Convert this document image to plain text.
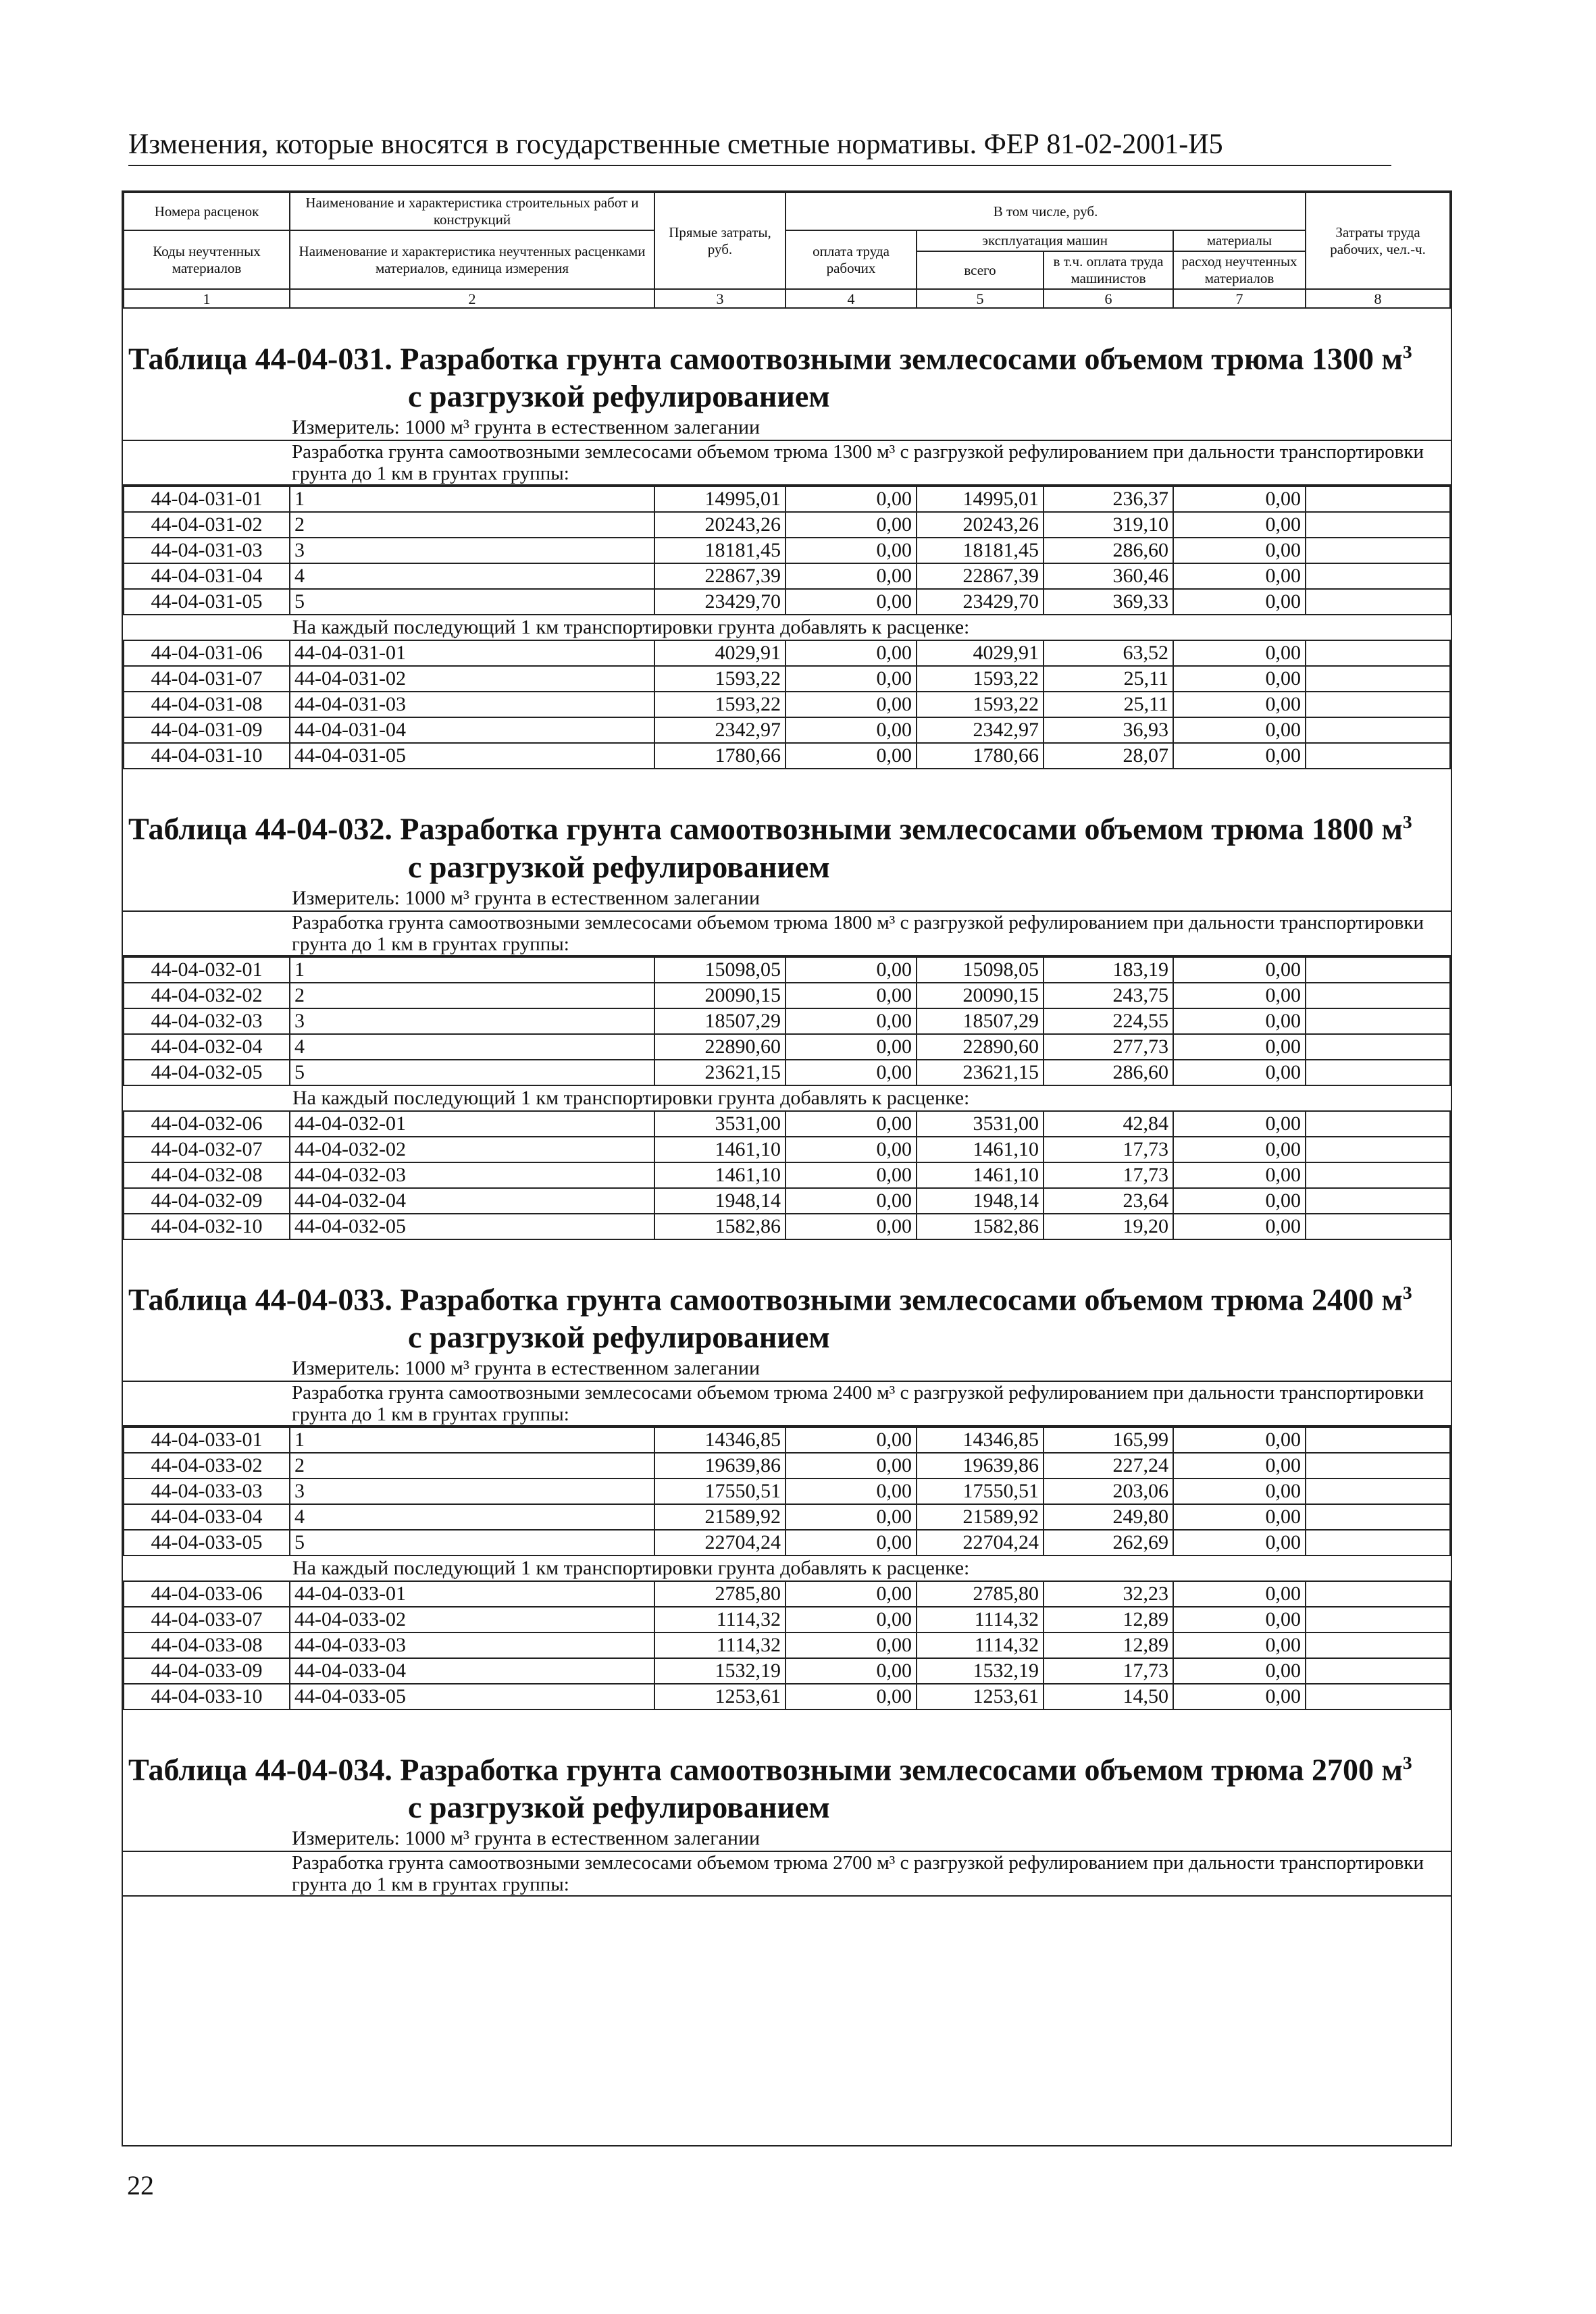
Изменения, которые вносятся в государственные сметные нормативы. ФЕР 81-02-2001-И5
Номера расценок	Наименование и характеристика строительных работ и конструкций	Прямые затраты, руб.	В том числе, руб.				Затраты труда рабочих, чел.-ч.
Коды неучтенных материалов	Наименование и характеристика неучтенных расценками материалов, единица измерения		оплата труда рабочих	эксплуатация машин		материалы	
				всего	в т.ч. оплата труда машинистов	расход неучтенных материалов	
1	2	3	4	5	6	7	8
Таблица 44-04-031. Разработка грунта самоотвозными землесосами объемом трюма 1300 $м^3$
с разгрузкой рефулированием
Измеритель: 1000 м³ грунта в естественном залегании
Разработка грунта самоотвозными землесосами объемом трюма 1300 м³ с разгрузкой рефулированием при дальности транспортировки грунта до 1 км в грунтах группы:
44-04-031-01	1	14995,01	0,00	14995,01	236,37	0,00	
44-04-031-02	2	20243,26	0,00	20243,26	319,10	0,00	
44-04-031-03	3	18181,45	0,00	18181,45	286,60	0,00	
44-04-031-04	4	22867,39	0,00	22867,39	360,46	0,00	
44-04-031-05	5	23429,70	0,00	23429,70	369,33	0,00	
На каждый последующий 1 км транспортировки грунта добавлять к расценке:							
44-04-031-06	44-04-031-01	4029,91	0,00	4029,91	63,52	0,00	
44-04-031-07	44-04-031-02	1593,22	0,00	1593,22	25,11	0,00	
44-04-031-08	44-04-031-03	1593,22	0,00	1593,22	25,11	0,00	
44-04-031-09	44-04-031-04	2342,97	0,00	2342,97	36,93	0,00	
44-04-031-10	44-04-031-05	1780,66	0,00	1780,66	28,07	0,00	
Таблица 44-04-032. Разработка грунта самоотвозными землесосами объемом трюма 1800 $м^3$
с разгрузкой рефулированием
Измеритель: 1000 м³ грунта в естественном залегании
Разработка грунта самоотвозными землесосами объемом трюма 1800 м³ с разгрузкой рефулированием при дальности транспортировки грунта до 1 км в грунтах группы:
44-04-032-01	1	15098,05	0,00	15098,05	183,19	0,00	
44-04-032-02	2	20090,15	0,00	20090,15	243,75	0,00	
44-04-032-03	3	18507,29	0,00	18507,29	224,55	0,00	
44-04-032-04	4	22890,60	0,00	22890,60	277,73	0,00	
44-04-032-05	5	23621,15	0,00	23621,15	286,60	0,00	
На каждый последующий 1 км транспортировки грунта добавлять к расценке:							
44-04-032-06	44-04-032-01	3531,00	0,00	3531,00	42,84	0,00	
44-04-032-07	44-04-032-02	1461,10	0,00	1461,10	17,73	0,00	
44-04-032-08	44-04-032-03	1461,10	0,00	1461,10	17,73	0,00	
44-04-032-09	44-04-032-04	1948,14	0,00	1948,14	23,64	0,00	
44-04-032-10	44-04-032-05	1582,86	0,00	1582,86	19,20	0,00	
Таблица 44-04-033. Разработка грунта самоотвозными землесосами объемом трюма 2400 $м^3$
с разгрузкой рефулированием
Измеритель: 1000 м³ грунта в естественном залегании
Разработка грунта самоотвозными землесосами объемом трюма 2400 м³ с разгрузкой рефулированием при дальности транспортировки грунта до 1 км в грунтах группы:
44-04-033-01	1	14346,85	0,00	14346,85	165,99	0,00	
44-04-033-02	2	19639,86	0,00	19639,86	227,24	0,00	
44-04-033-03	3	17550,51	0,00	17550,51	203,06	0,00	
44-04-033-04	4	21589,92	0,00	21589,92	249,80	0,00	
44-04-033-05	5	22704,24	0,00	22704,24	262,69	0,00	
На каждый последующий 1 км транспортировки грунта добавлять к расценке:							
44-04-033-06	44-04-033-01	2785,80	0,00	2785,80	32,23	0,00	
44-04-033-07	44-04-033-02	1114,32	0,00	1114,32	12,89	0,00	
44-04-033-08	44-04-033-03	1114,32	0,00	1114,32	12,89	0,00	
44-04-033-09	44-04-033-04	1532,19	0,00	1532,19	17,73	0,00	
44-04-033-10	44-04-033-05	1253,61	0,00	1253,61	14,50	0,00	
Таблица 44-04-034. Разработка грунта самоотвозными землесосами объемом трюма 2700 $м^3$
с разгрузкой рефулированием
Измеритель: 1000 м³ грунта в естественном залегании
Разработка грунта самоотвозными землесосами объемом трюма 2700 м³ с разгрузкой рефулированием при дальности транспортировки грунта до 1 км в грунтах группы:
22
